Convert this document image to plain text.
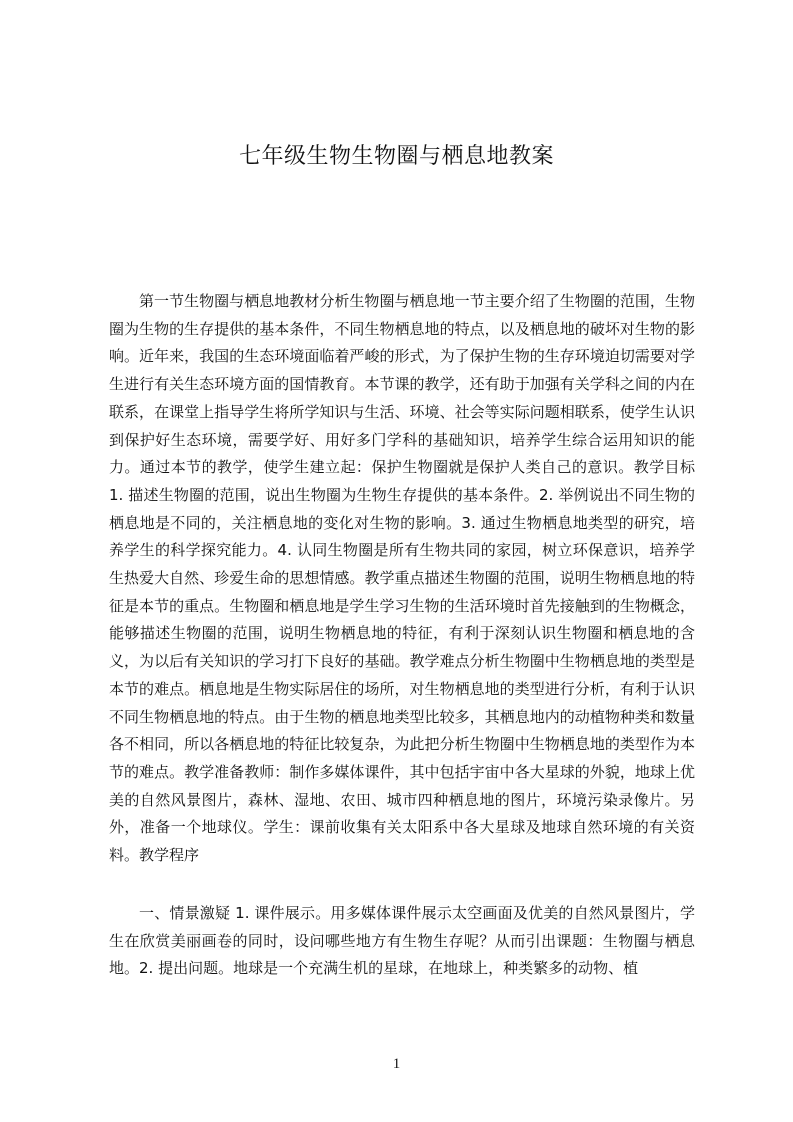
七年级生物生物圈与栖息地教案

第一节生物圈与栖息地教材分析生物圈与栖息地一节主要介绍了生物圈的范围，生物圈为生物的生存提供的基本条件，不同生物栖息地的特点，以及栖息地的破坏对生物的影响。近年来，我国的生态环境面临着严峻的形式，为了保护生物的生存环境迫切需要对学生进行有关生态环境方面的国情教育。本节课的教学，还有助于加强有关学科之间的内在联系，在课堂上指导学生将所学知识与生活、环境、社会等实际问题相联系，使学生认识到保护好生态环境，需要学好、用好多门学科的基础知识，培养学生综合运用知识的能力。通过本节的教学，使学生建立起：保护生物圈就是保护人类自己的意识。教学目标 1. 描述生物圈的范围，说出生物圈为生物生存提供的基本条件。2. 举例说出不同生物的栖息地是不同的，关注栖息地的变化对生物的影响。3. 通过生物栖息地类型的研究，培养学生的科学探究能力。4. 认同生物圈是所有生物共同的家园，树立环保意识，培养学生热爱大自然、珍爱生命的思想情感。教学重点描述生物圈的范围，说明生物栖息地的特征是本节的重点。生物圈和栖息地是学生学习生物的生活环境时首先接触到的生物概念，能够描述生物圈的范围，说明生物栖息地的特征，有利于深刻认识生物圈和栖息地的含义，为以后有关知识的学习打下良好的基础。教学难点分析生物圈中生物栖息地的类型是本节的难点。栖息地是生物实际居住的场所，对生物栖息地的类型进行分析，有利于认识不同生物栖息地的特点。由于生物的栖息地类型比较多，其栖息地内的动植物种类和数量各不相同，所以各栖息地的特征比较复杂，为此把分析生物圈中生物栖息地的类型作为本节的难点。教学准备教师：制作多媒体课件，其中包括宇宙中各大星球的外貌，地球上优美的自然风景图片，森林、湿地、农田、城市四种栖息地的图片，环境污染录像片。另外，准备一个地球仪。学生：课前收集有关太阳系中各大星球及地球自然环境的有关资料。教学程序

一、情景激疑 1. 课件展示。用多媒体课件展示太空画面及优美的自然风景图片，学生在欣赏美丽画卷的同时，设问哪些地方有生物生存呢？从而引出课题：生物圈与栖息地。2. 提出问题。地球是一个充满生机的星球，在地球上，种类繁多的动物、植

1
